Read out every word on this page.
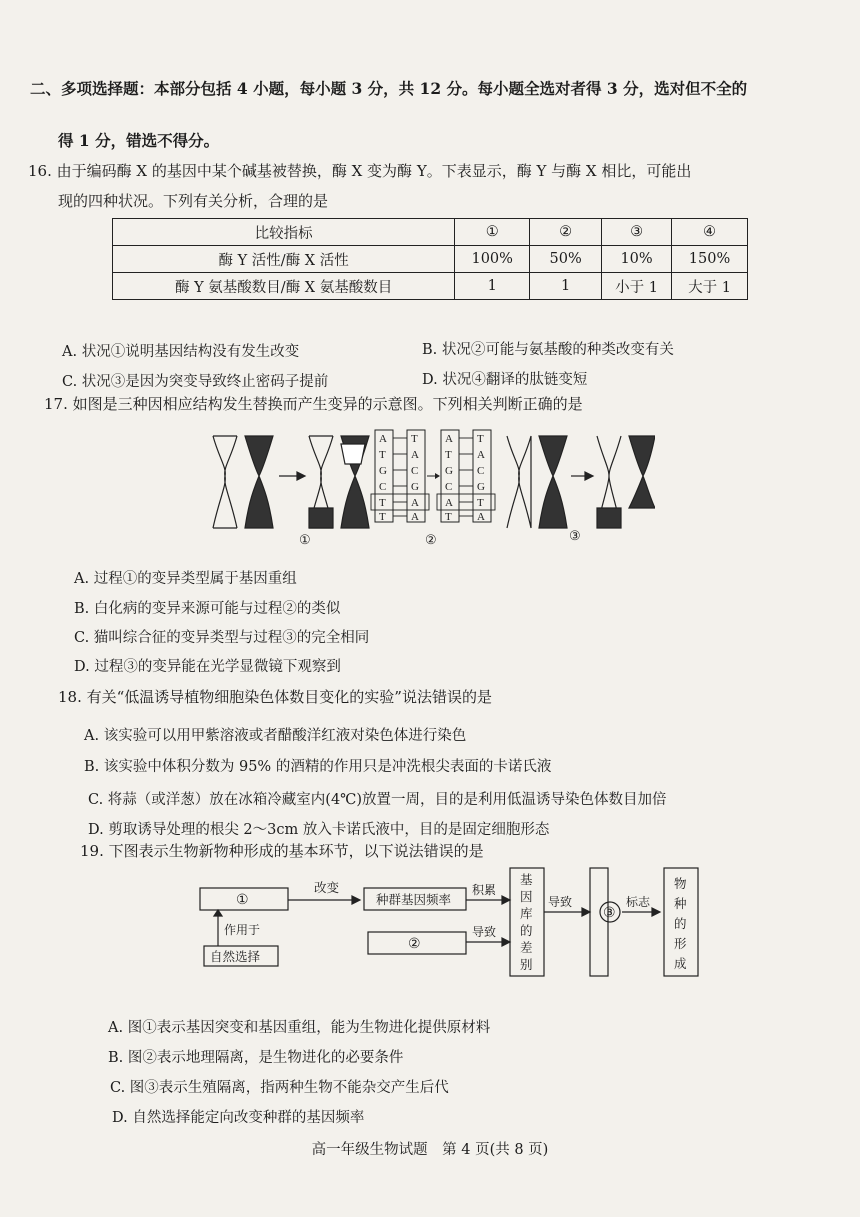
二、多项选择题：本部分包括 4 小题，每小题 3 分，共 12 分。每小题全选对者得 3 分，选对但不全的
得 1 分，错选不得分。
16. 由于编码酶 X 的基因中某个碱基被替换，酶 X 变为酶 Y。下表显示，酶 Y 与酶 X 相比，可能出
现的四种状况。下列有关分析，合理的是
比较指标	①	②	③	④
酶 Y 活性/酶 X 活性	100%	50%	10%	150%
酶 Y 氨基酸数目/酶 X 氨基酸数目	1	1	小于 1	大于 1
A. 状况①说明基因结构没有发生改变	B. 状况②可能与氨基酸的种类改变有关
C. 状况③是因为突变导致终止密码子提前	D. 状况④翻译的肽链变短
17. 如图是三种因相应结构发生替换而产生变异的示意图。下列相关判断正确的是
A
T
G
C
T
T
T
A
C
G
A
A
A
T
G
C
A
T
T
A
C
G
T
A
①	②	③
A. 过程①的变异类型属于基因重组
B. 白化病的变异来源可能与过程②的类似
C. 猫叫综合征的变异类型与过程③的完全相同
D. 过程③的变异能在光学显微镜下观察到
18. 有关“低温诱导植物细胞染色体数目变化的实验”说法错误的是
A. 该实验可以用甲紫溶液或者醋酸洋红液对染色体进行染色
B. 该实验中体积分数为 95% 的酒精的作用只是冲洗根尖表面的卡诺氏液
C. 将蒜（或洋葱）放在冰箱冷藏室内(4℃)放置一周，目的是利用低温诱导染色体数目加倍
D. 剪取诱导处理的根尖 2～3cm 放入卡诺氏液中，目的是固定细胞形态
19. 下图表示生物新物种形成的基本环节，以下说法错误的是
①
作用于
自然选择
改变
种群基因频率
积累
②
导致
基
因
库
的
差
别
导致
③
标志
物
种
的
形
成
A. 图①表示基因突变和基因重组，能为生物进化提供原材料
B. 图②表示地理隔离，是生物进化的必要条件
C. 图③表示生殖隔离，指两种生物不能杂交产生后代
D. 自然选择能定向改变种群的基因频率
高一年级生物试题　第 4 页(共 8 页)
